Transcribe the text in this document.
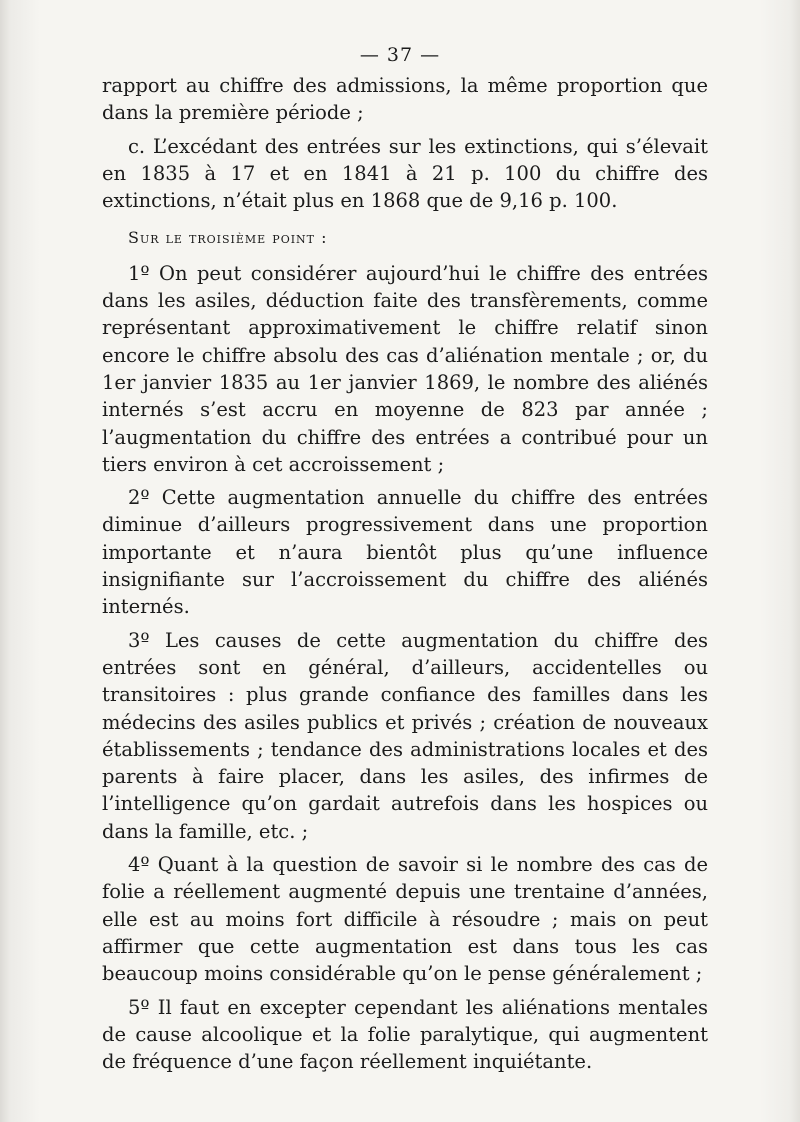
— 37 —

rapport au chiffre des admissions, la même proportion que dans la première période ;

c. L’excédant des entrées sur les extinctions, qui s’élevait en 1835 à 17 et en 1841 à 21 p. 100 du chiffre des extinctions, n’était plus en 1868 que de 9,16 p. 100.

Sur le troisième point :

1º On peut considérer aujourd’hui le chiffre des entrées dans les asiles, déduction faite des transfèrements, comme représentant approximativement le chiffre relatif sinon encore le chiffre absolu des cas d’aliénation mentale ; or, du 1er janvier 1835 au 1er janvier 1869, le nombre des aliénés internés s’est accru en moyenne de 823 par année ; l’augmentation du chiffre des entrées a contribué pour un tiers environ à cet accroissement ;

2º Cette augmentation annuelle du chiffre des entrées diminue d’ailleurs progressivement dans une proportion importante et n’aura bientôt plus qu’une influence insignifiante sur l’accroissement du chiffre des aliénés internés.

3º Les causes de cette augmentation du chiffre des entrées sont en général, d’ailleurs, accidentelles ou transitoires : plus grande confiance des familles dans les médecins des asiles publics et privés ; création de nouveaux établissements ; tendance des administrations locales et des parents à faire placer, dans les asiles, des infirmes de l’intelligence qu’on gardait autrefois dans les hospices ou dans la famille, etc. ;

4º Quant à la question de savoir si le nombre des cas de folie a réellement augmenté depuis une trentaine d’années, elle est au moins fort difficile à résoudre ; mais on peut affirmer que cette augmentation est dans tous les cas beaucoup moins considérable qu’on le pense généralement ;

5º Il faut en excepter cependant les aliénations mentales de cause alcoolique et la folie paralytique, qui augmentent de fréquence d’une façon réellement inquiétante.
